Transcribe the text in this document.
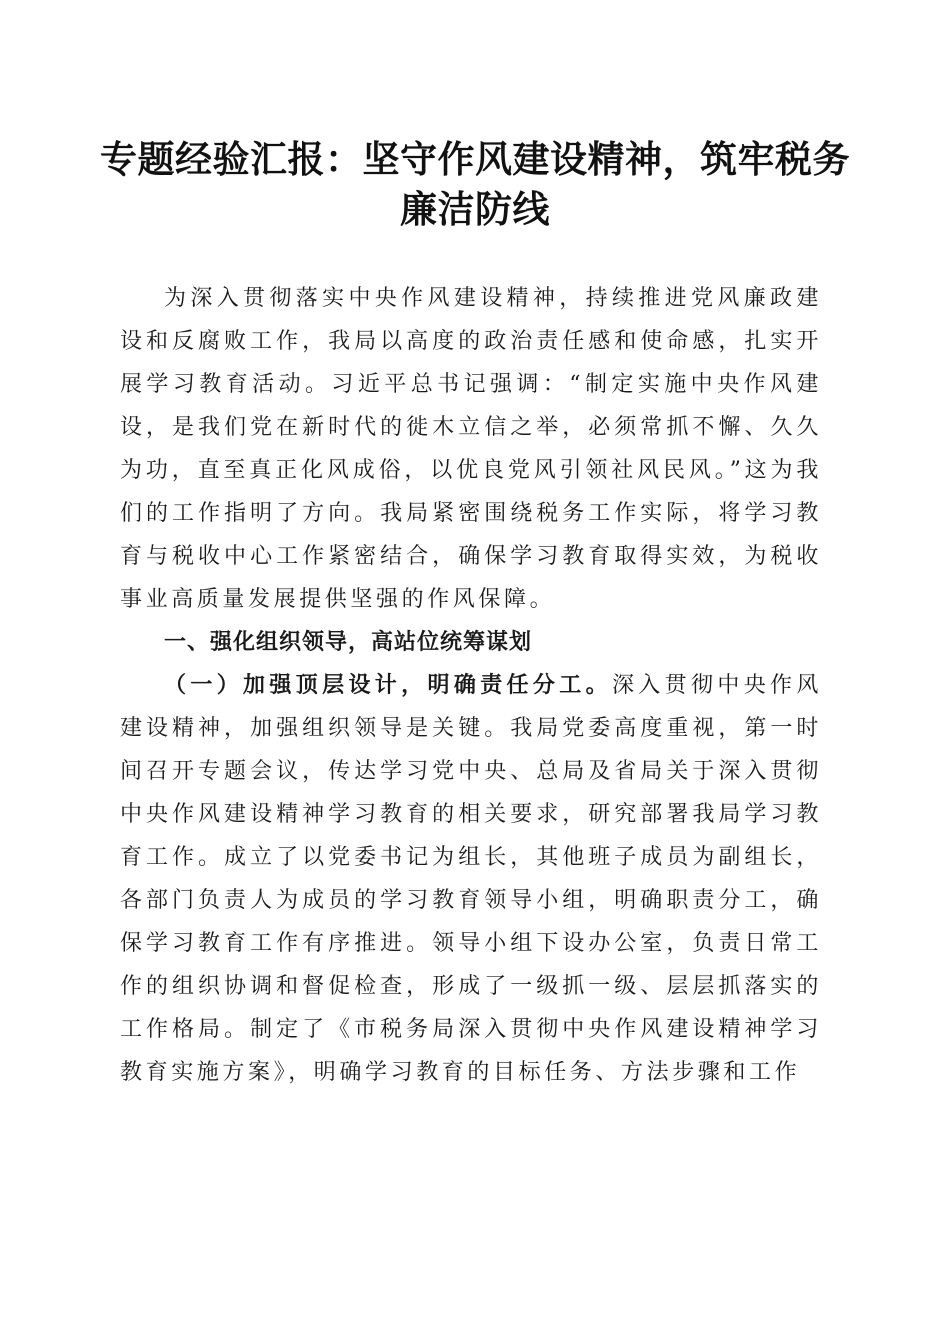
专题经验汇报：坚守作风建设精神，筑牢税务
廉洁防线

为深入贯彻落实中央作风建设精神，持续推进党风廉政建设和反腐败工作，我局以高度的政治责任感和使命感，扎实开展学习教育活动。习近平总书记强调：“制定实施中央作风建设，是我们党在新时代的徙木立信之举，必须常抓不懈、久久为功，直至真正化风成俗，以优良党风引领社风民风。”这为我们的工作指明了方向。我局紧密围绕税务工作实际，将学习教育与税收中心工作紧密结合，确保学习教育取得实效，为税收事业高质量发展提供坚强的作风保障。

一、强化组织领导，高站位统筹谋划

（一）加强顶层设计，明确责任分工。深入贯彻中央作风建设精神，加强组织领导是关键。我局党委高度重视，第一时间召开专题会议，传达学习党中央、总局及省局关于深入贯彻中央作风建设精神学习教育的相关要求，研究部署我局学习教育工作。成立了以党委书记为组长，其他班子成员为副组长，各部门负责人为成员的学习教育领导小组，明确职责分工，确保学习教育工作有序推进。领导小组下设办公室，负责日常工作的组织协调和督促检查，形成了一级抓一级、层层抓落实的工作格局。制定了《市税务局深入贯彻中央作风建设精神学习教育实施方案》，明确学习教育的目标任务、方法步骤和工作
